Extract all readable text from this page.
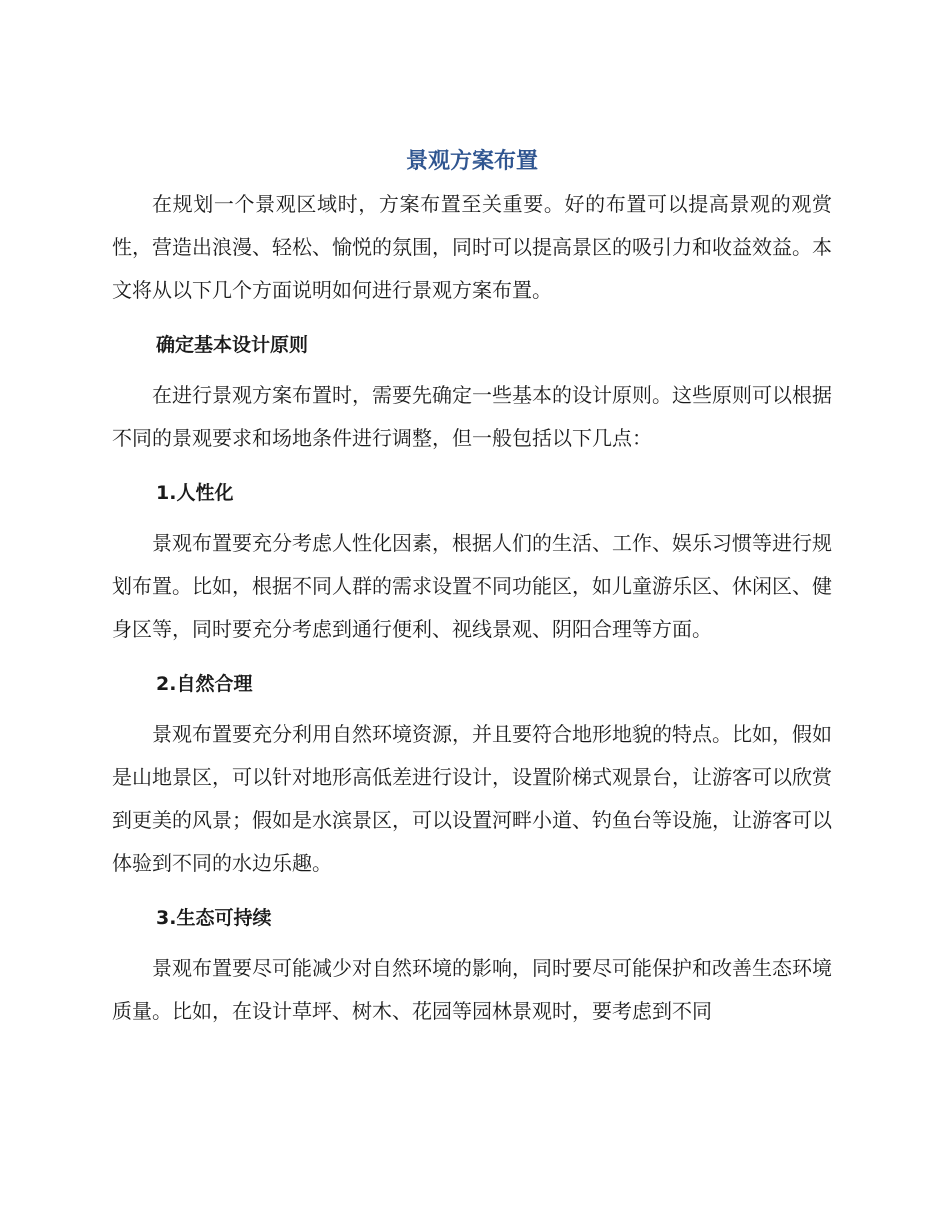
景观方案布置

在规划一个景观区域时，方案布置至关重要。好的布置可以提高景观的观赏性，营造出浪漫、轻松、愉悦的氛围，同时可以提高景区的吸引力和收益效益。本文将从以下几个方面说明如何进行景观方案布置。

确定基本设计原则

在进行景观方案布置时，需要先确定一些基本的设计原则。这些原则可以根据不同的景观要求和场地条件进行调整，但一般包括以下几点：

1.人性化

景观布置要充分考虑人性化因素，根据人们的生活、工作、娱乐习惯等进行规划布置。比如，根据不同人群的需求设置不同功能区，如儿童游乐区、休闲区、健身区等，同时要充分考虑到通行便利、视线景观、阴阳合理等方面。

2.自然合理

景观布置要充分利用自然环境资源，并且要符合地形地貌的特点。比如，假如是山地景区，可以针对地形高低差进行设计，设置阶梯式观景台，让游客可以欣赏到更美的风景；假如是水滨景区，可以设置河畔小道、钓鱼台等设施，让游客可以体验到不同的水边乐趣。

3.生态可持续

景观布置要尽可能减少对自然环境的影响，同时要尽可能保护和改善生态环境质量。比如，在设计草坪、树木、花园等园林景观时，要考虑到不同
